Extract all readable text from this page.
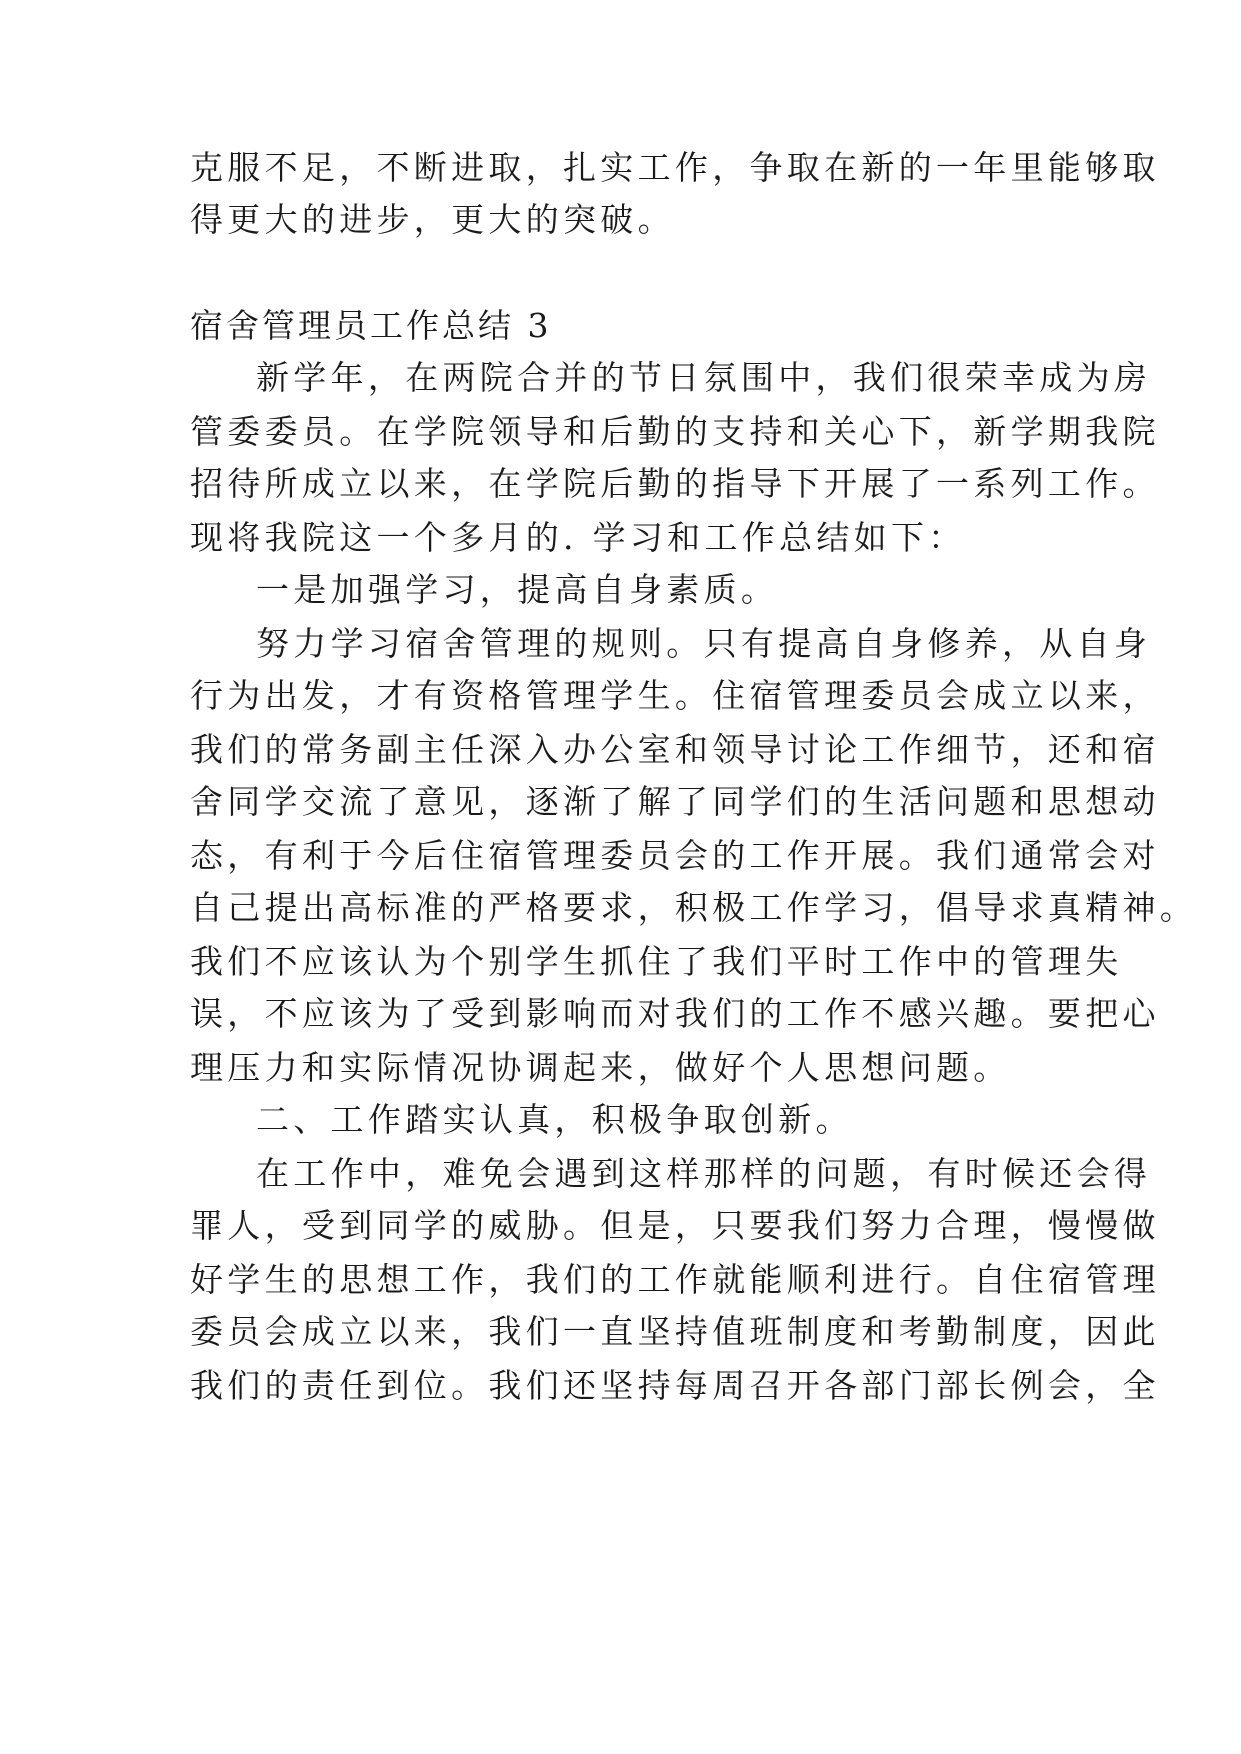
克服不足，不断进取，扎实工作，争取在新的一年里能够取
得更大的进步，更大的突破。
宿舍管理员工作总结 3
新学年，在两院合并的节日氛围中，我们很荣幸成为房
管委委员。在学院领导和后勤的支持和关心下，新学期我院
招待所成立以来，在学院后勤的指导下开展了一系列工作。
现将我院这一个多月的. 学习和工作总结如下：
一是加强学习，提高自身素质。
努力学习宿舍管理的规则。只有提高自身修养，从自身
行为出发，才有资格管理学生。住宿管理委员会成立以来，
我们的常务副主任深入办公室和领导讨论工作细节，还和宿
舍同学交流了意见，逐渐了解了同学们的生活问题和思想动
态，有利于今后住宿管理委员会的工作开展。我们通常会对
自己提出高标准的严格要求，积极工作学习，倡导求真精神。
我们不应该认为个别学生抓住了我们平时工作中的管理失
误，不应该为了受到影响而对我们的工作不感兴趣。要把心
理压力和实际情况协调起来，做好个人思想问题。
二、工作踏实认真，积极争取创新。
在工作中，难免会遇到这样那样的问题，有时候还会得
罪人，受到同学的威胁。但是，只要我们努力合理，慢慢做
好学生的思想工作，我们的工作就能顺利进行。自住宿管理
委员会成立以来，我们一直坚持值班制度和考勤制度，因此
我们的责任到位。我们还坚持每周召开各部门部长例会，全
